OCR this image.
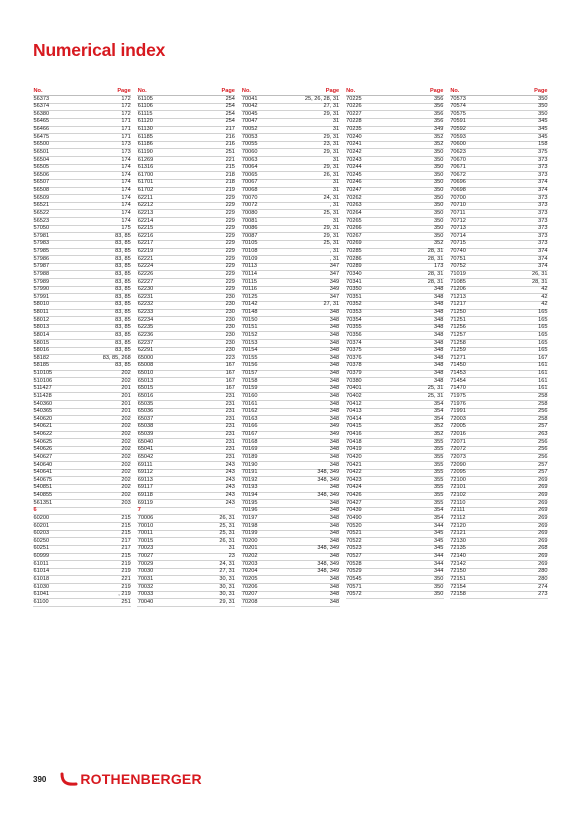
Numerical index
No.	Page
56373	172
56374	172
56380	172
56465	171
56466	171
56475	171
56500	173
56501	173
56504	174
56505	174
56506	174
56507	174
56508	174
56509	174
56521	174
56522	174
56523	174
57050	175
57981	83, 85
57983	83, 85
57985	83, 85
57986	83, 85
57987	83, 85
57988	83, 85
57989	83, 85
57990	83, 85
57991	83, 85
58010	83, 85
58011	83, 85
58012	83, 85
58013	83, 85
58014	83, 85
58015	83, 85
58016	83, 85
58182	83, 85, 268
58185	83, 85
510105	202
510106	202
511427	201
511428	201
540360	201
540365	201
540620	202
540621	202
540622	202
540625	202
540626	202
540627	202
540640	202
540641	202
540675	202
540851	202
540855	202
561351	203
6
60200	215
60201	215
60203	215
60250	217
60251	217
60999	215
61011	219
61014	219
61018	221
61030	219
61041	, 219
61100	251
No.	Page
61105	254
61106	254
61115	254
61120	254
61130	217
61185	216
61186	216
61190	251
61269	221
61316	215
61700	218
61701	218
61702	219
62211	229
62212	229
62213	229
62214	229
62215	229
62216	229
62217	229
62219	229
62221	229
62224	229
62226	229
62227	229
62230	229
62231	230
62232	230
62233	230
62234	230
62235	230
62236	230
62237	230
62291	230
65000	223
65008	167
65010	167
65013	167
65015	167
65016	231
65035	231
65036	231
65037	231
65038	231
65039	231
65040	231
65041	231
65042	231
69111	243
69112	243
69113	243
69117	243
69118	243
69119	243
7
70006	26, 31
70010	25, 31
70011	25, 31
70015	26, 31
70023	31
70027	23
70029	24, 31
70030	27, 31
70031	30, 31
70032	30, 31
70033	30, 31
70040	29, 31
No.	Page
70041	25, 26, 28, 31
70042	27, 31
70045	29, 31
70047	31
70052	31
70053	29, 31
70055	23, 31
70060	29, 31
70063	31
70064	29, 31
70065	26, 31
70067	31
70068	31
70070	24, 31
70072	, 31
70080	25, 31
70081	31
70086	29, 31
70087	29, 31
70105	25, 31
70108	, 31
70109	, 31
70113	347
70114	347
70115	349
70116	349
70125	347
70142	27, 31
70148	348
70150	348
70151	348
70152	348
70153	348
70154	348
70155	348
70156	348
70157	348
70158	348
70159	348
70160	348
70161	348
70162	348
70163	348
70166	349
70167	349
70168	348
70169	348
70189	348
70190	348
70191	348, 349
70192	348, 349
70193	348
70194	348, 349
70195	348
70196	348
70197	348
70198	348
70199	348
70200	348
70201	348, 349
70202	348
70203	348, 349
70204	348, 349
70205	348
70206	348
70207	348
70208	348
No.	Page
70225	356
70226	356
70227	356
70228	356
70235	349
70240	352
70241	352
70242	350
70243	350
70244	350
70245	350
70246	350
70247	350
70262	350
70263	350
70264	350
70265	350
70266	350
70267	350
70269	352
70285	28, 31
70286	28, 31
70289	173
70340	28, 31
70341	28, 31
70350	348
70351	348
70352	348
70353	348
70354	348
70355	348
70356	348
70374	348
70375	348
70376	348
70378	348
70379	348
70380	348
70401	25, 31
70402	25, 31
70412	354
70413	354
70414	354
70415	352
70416	352
70418	355
70419	355
70420	355
70421	355
70422	355
70423	355
70424	355
70426	355
70427	355
70439	354
70490	354
70520	344
70521	345
70522	345
70523	345
70527	344
70528	344
70529	344
70545	350
70571	350
70572	350
No.	Page
70573	350
70574	350
70575	350
70591	345
70592	345
70593	345
70600	158
70623	375
70670	373
70671	373
70672	373
70696	374
70698	374
70700	373
70710	373
70711	373
70712	373
70713	373
70714	373
70715	373
70740	374
70751	374
70752	374
71019	26, 31
71085	28, 31
71206	42
71213	42
71217	42
71250	165
71251	165
71256	165
71257	165
71258	165
71259	165
71271	167
71450	161
71453	161
71454	161
71470	161
71975	258
71976	258
71991	256
72003	258
72005	257
72016	263
72071	256
72072	256
72073	256
72090	257
72095	257
72100	269
72101	269
72102	269
72110	269
72111	269
72112	269
72120	269
72121	269
72130	269
72135	268
72140	269
72142	269
72150	280
72151	280
72154	274
72158	273
390 ROTHENBERGER
